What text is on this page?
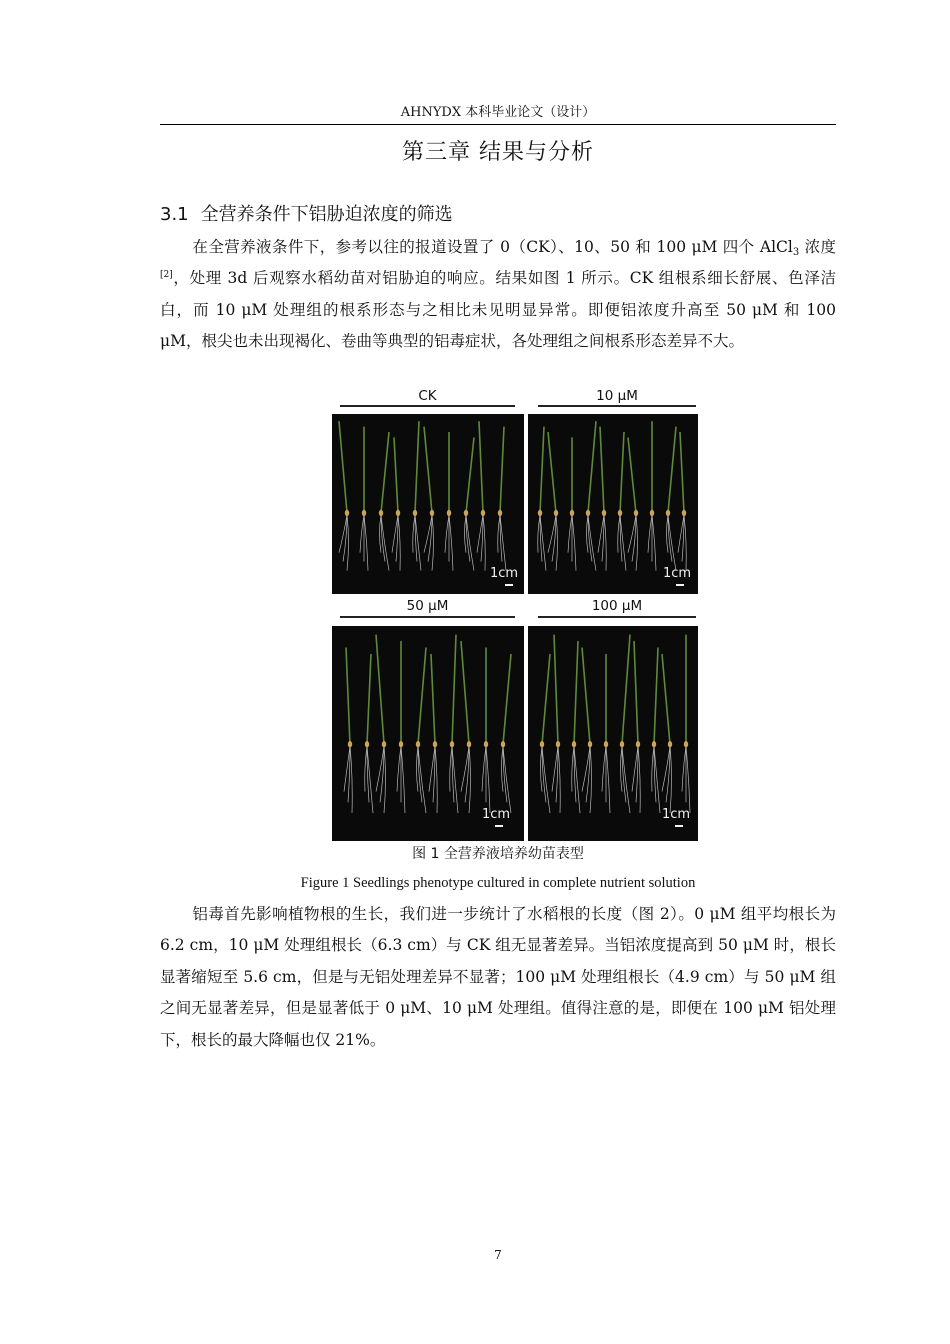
AHNYDX 本科毕业论文（设计）
第三章 结果与分析
3.1 全营养条件下铝胁迫浓度的筛选

在全营养液条件下，参考以往的报道设置了 0（CK）、10、50 和 100 μM 四个 AlCl$_3$ 浓度[2]，处理 3d 后观察水稻幼苗对铝胁迫的响应。结果如图 1 所示。CK 组根系细长舒展、色泽洁白，而 10 μM 处理组的根系形态与之相比未见明显异常。即便铝浓度升高至 50 μM 和 100 μM，根尖也未出现褐化、卷曲等典型的铝毒症状，各处理组之间根系形态差异不大。

CK	10 μM
1cm	1cm
50 μM	100 μM
1cm	1cm
图 1 全营养液培养幼苗表型
Figure 1 Seedlings phenotype cultured in complete nutrient solution

铝毒首先影响植物根的生长，我们进一步统计了水稻根的长度（图 2）。0 μM 组平均根长为 6.2 cm，10 μM 处理组根长（6.3 cm）与 CK 组无显著差异。当铝浓度提高到 50 μM 时，根长显著缩短至 5.6 cm，但是与无铝处理差异不显著；100 μM 处理组根长（4.9 cm）与 50 μM 组之间无显著差异，但是显著低于 0 μM、10 μM 处理组。值得注意的是，即便在 100 μM 铝处理下，根长的最大降幅也仅 21%。

7
